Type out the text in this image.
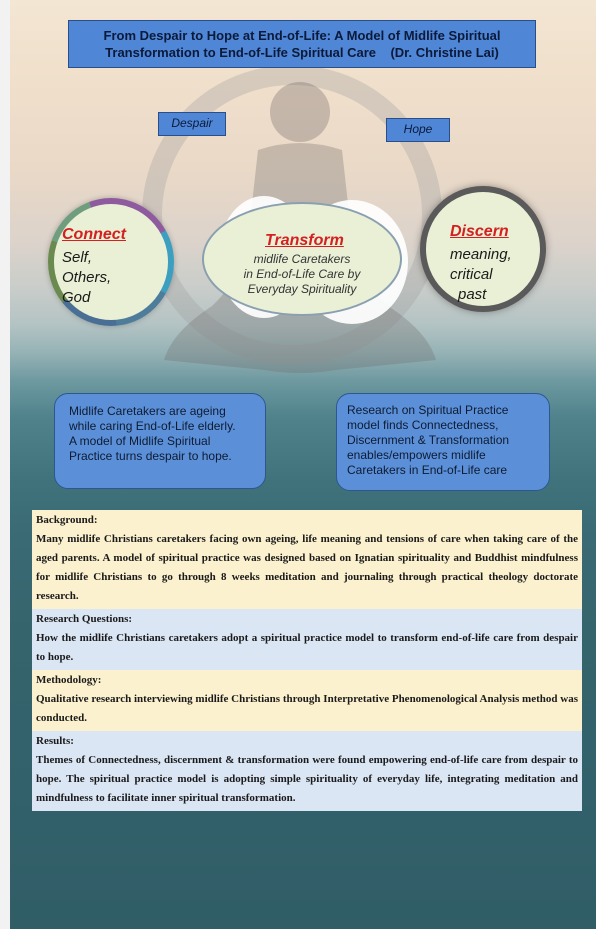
From Despair to Hope at End-of-Life: A Model of Midlife Spiritual
Transformation to End-of-Life Spiritual Care    (Dr. Christine Lai)
Despair	Hope
Connect
Self,
Others,
God
Transform
midlife Caretakers
in End-of-Life Care by
Everyday Spirituality
Discern
meaning,
critical
past
Midlife Caretakers are ageing
while caring End-of-Life elderly.
A model of Midlife Spiritual
Practice turns despair to hope.
Research on Spiritual Practice
model finds Connectedness,
Discernment & Transformation
enables/empowers midlife
Caretakers in End-of-Life care
Background:
Many midlife Christians caretakers facing own ageing, life meaning and tensions of care when taking care of the aged parents. A model of spiritual practice was designed based on Ignatian spirituality and Buddhist mindfulness for midlife Christians to go through 8 weeks meditation and journaling through practical theology doctorate research.
Research Questions:
How the midlife Christians caretakers adopt a spiritual practice model to transform end-of-life care from despair to hope.
Methodology:
Qualitative research interviewing midlife Christians through Interpretative Phenomenological Analysis method was conducted.
Results:
Themes of Connectedness, discernment & transformation were found empowering end-of-life care from despair to hope. The spiritual practice model is adopting simple spirituality of everyday life, integrating meditation and mindfulness to facilitate inner spiritual transformation.
